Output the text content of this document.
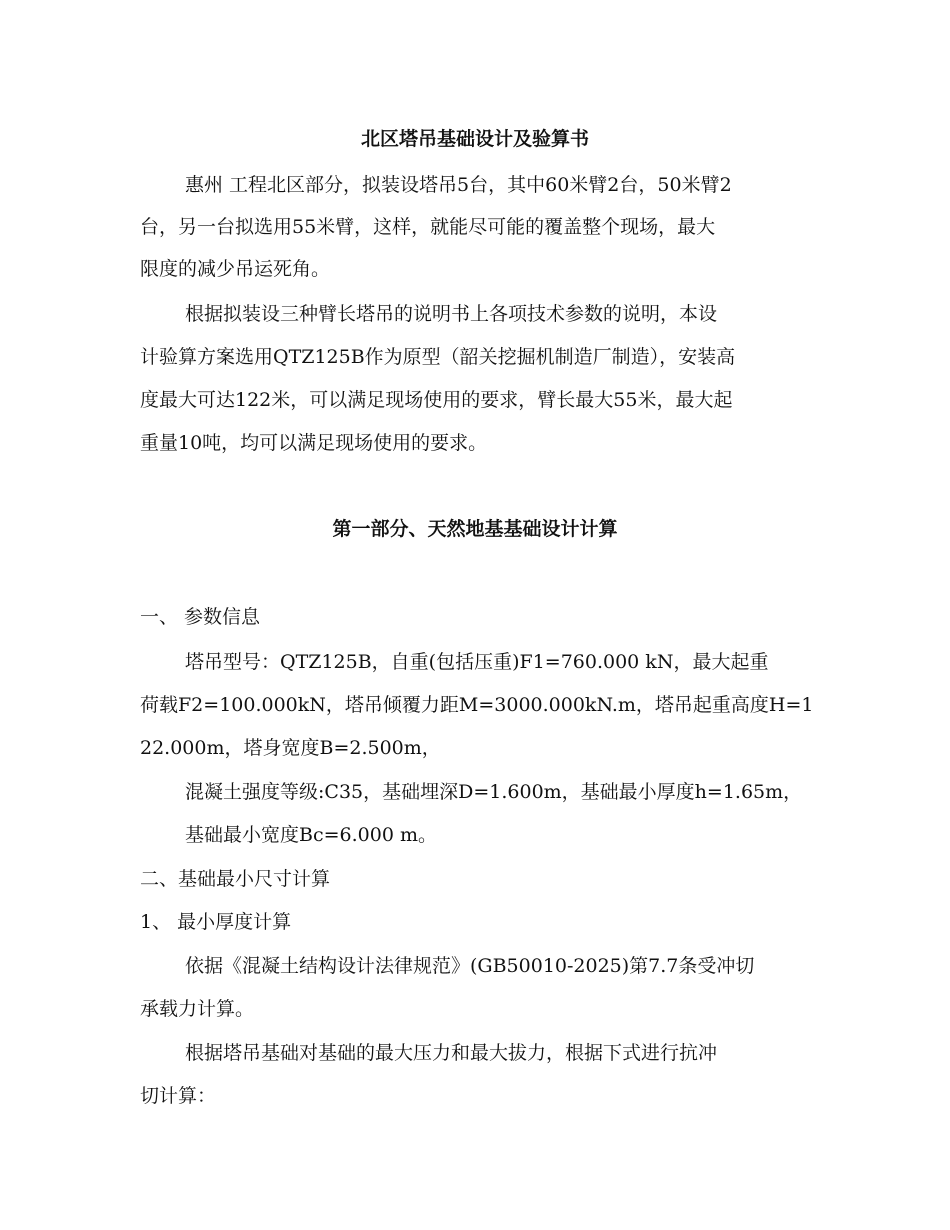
北区塔吊基础设计及验算书
惠州 工程北区部分，拟装设塔吊5台，其中60米臂2台，50米臂2
台，另一台拟选用55米臂，这样，就能尽可能的覆盖整个现场，最大
限度的减少吊运死角。
根据拟装设三种臂长塔吊的说明书上各项技术参数的说明，本设
计验算方案选用QTZ125B作为原型（韶关挖掘机制造厂制造），安装高
度最大可达122米，可以满足现场使用的要求，臂长最大55米，最大起
重量10吨，均可以满足现场使用的要求。
第一部分、天然地基基础设计计算
一、 参数信息
塔吊型号：QTZ125B，自重(包括压重)F1=760.000 kN，最大起重
荷载F2=100.000kN，塔吊倾覆力距M=3000.000kN.m，塔吊起重高度H=1
22.000m，塔身宽度B=2.500m，
混凝土强度等级:C35，基础埋深D=1.600m，基础最小厚度h=1.65m，
基础最小宽度Bc=6.000 m。
二、基础最小尺寸计算
1、 最小厚度计算
依据《混凝土结构设计法律规范》(GB50010-2025)第7.7条受冲切
承载力计算。
根据塔吊基础对基础的最大压力和最大拔力，根据下式进行抗冲
切计算：
